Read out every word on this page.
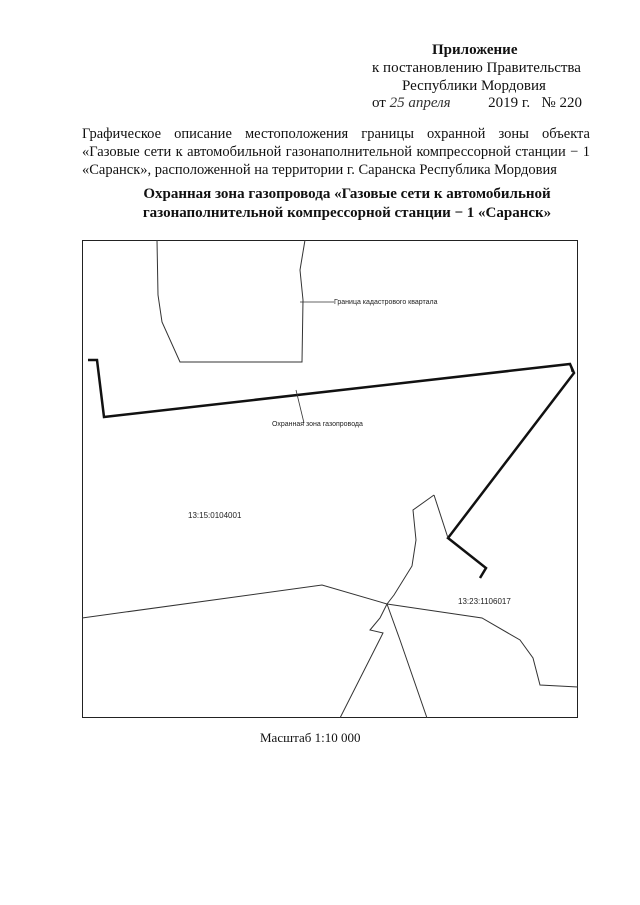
Приложение
к постановлению Правительства
Республики Мордовия
от 25 апреля	2019 г. № 220
Графическое описание местоположения границы охранной зоны объекта «Газовые сети к автомобильной газонаполнительной компрессорной станции − 1 «Саранск», расположенной на территории г. Саранска Республика Мордовия
Охранная зона газопровода «Газовые сети к автомобильной
газонаполнительной компрессорной станции − 1 «Саранск»
Граница кадастрового квартала
Охранная зона газопровода
13:15:0104001
13:23:1106017
Масштаб 1:10 000
